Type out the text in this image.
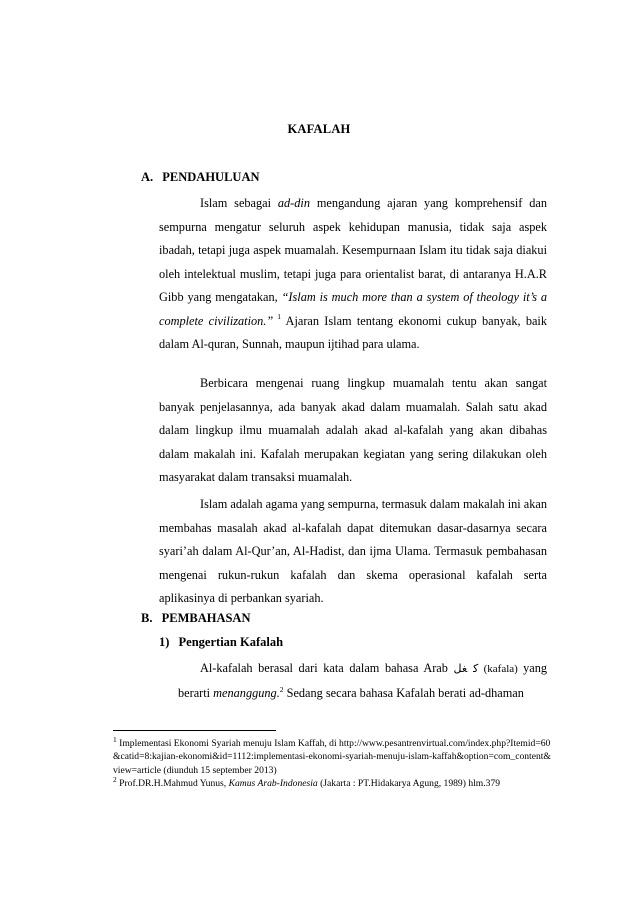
KAFALAH
A. PENDAHULUAN

Islam sebagai ad-din mengandung ajaran yang komprehensif dan sempurna mengatur seluruh aspek kehidupan manusia, tidak saja aspek ibadah, tetapi juga aspek muamalah. Kesempurnaan Islam itu tidak saja diakui oleh intelektual muslim, tetapi juga para orientalist barat, di antaranya H.A.R Gibb yang mengatakan, “Islam is much more than a system of theology it’s a complete civilization.” $^1$ Ajaran Islam tentang ekonomi cukup banyak, baik dalam Al-quran, Sunnah, maupun ijtihad para ulama.

Berbicara mengenai ruang lingkup muamalah tentu akan sangat banyak penjelasannya, ada banyak akad dalam muamalah. Salah satu akad dalam lingkup ilmu muamalah adalah akad al-kafalah yang akan dibahas dalam makalah ini. Kafalah merupakan kegiatan yang sering dilakukan oleh masyarakat dalam transaksi muamalah.

Islam adalah agama yang sempurna, termasuk dalam makalah ini akan membahas masalah akad al-kafalah dapat ditemukan dasar-dasarnya secara syari’ah dalam Al-Qur’an, Al-Hadist, dan ijma Ulama. Termasuk pembahasan mengenai rukun-rukun kafalah dan skema operasional kafalah serta aplikasinya di perbankan syariah.

B. PEMBAHASAN
1) Pengertian Kafalah

Al-kafalah berasal dari kata dalam bahasa Arab ﻛ ﻐﻞ (kafala) yang berarti menanggung.$^2$ Sedang secara bahasa Kafalah berati ad-dhaman

$^1$ Implementasi Ekonomi Syariah menuju Islam Kaffah, di http://www.pesantrenvirtual.com/index.php?Itemid=60&catid=8:kajian-ekonomi&id=1112:implementasi-ekonomi-syariah-menuju-islam-kaffah&option=com_content&view=article (diunduh 15 september 2013)

$^2$ Prof.DR.H.Mahmud Yunus, Kamus Arab-Indonesia (Jakarta : PT.Hidakarya Agung, 1989) hlm.379
